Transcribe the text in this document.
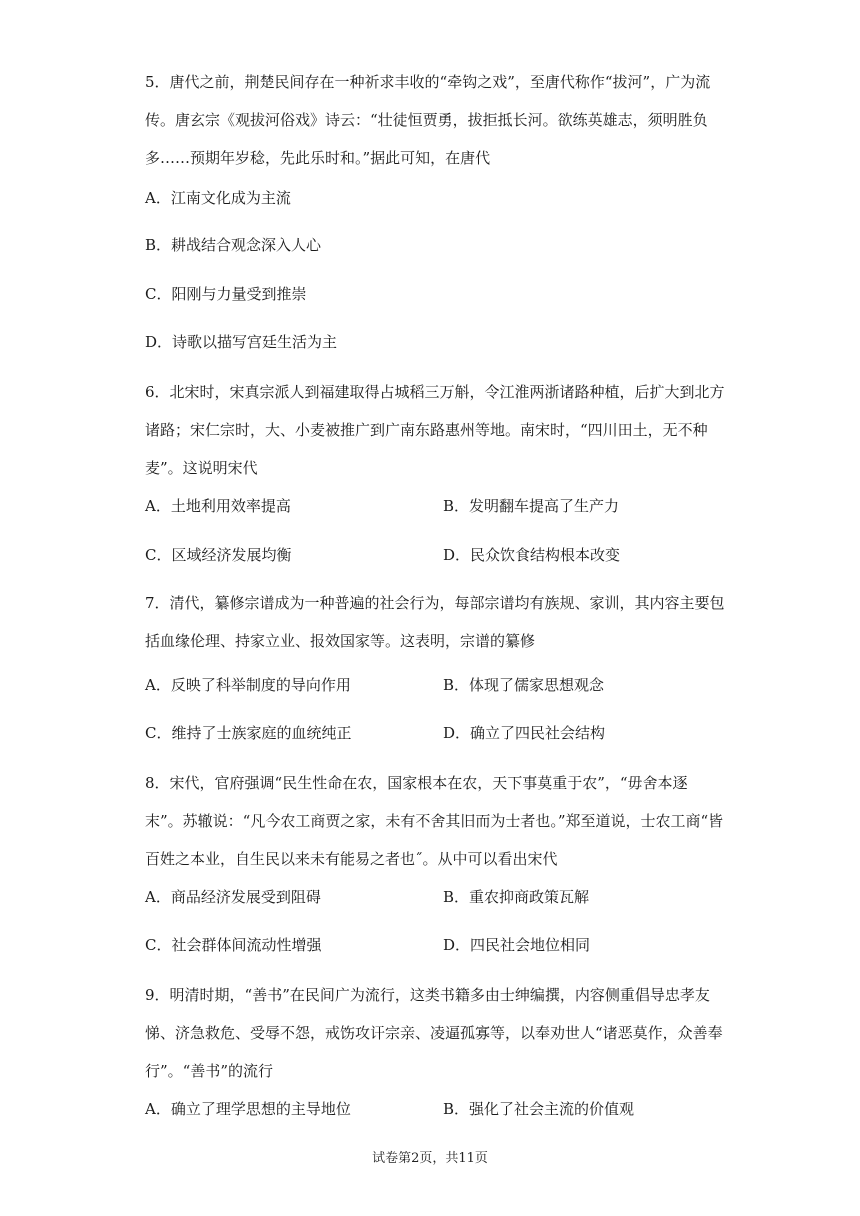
5．唐代之前，荆楚民间存在一种祈求丰收的“牵钩之戏”，至唐代称作“拔河”，广为流传。唐玄宗《观拔河俗戏》诗云：“壮徒恒贾勇，拔拒抵长河。欲练英雄志，须明胜负多……预期年岁稔，先此乐时和。”据此可知，在唐代

A．江南文化成为主流
B．耕战结合观念深入人心
C．阳刚与力量受到推崇
D．诗歌以描写宫廷生活为主

6．北宋时，宋真宗派人到福建取得占城稻三万斛，令江淮两浙诸路种植，后扩大到北方诸路；宋仁宗时，大、小麦被推广到广南东路惠州等地。南宋时，“四川田土，无不种麦”。这说明宋代

A．土地利用效率提高	B．发明翻车提高了生产力
C．区域经济发展均衡	D．民众饮食结构根本改变

7．清代，纂修宗谱成为一种普遍的社会行为，每部宗谱均有族规、家训，其内容主要包括血缘伦理、持家立业、报效国家等。这表明，宗谱的纂修

A．反映了科举制度的导向作用	B．体现了儒家思想观念
C．维持了士族家庭的血统纯正	D．确立了四民社会结构

8．宋代，官府强调“民生性命在农，国家根本在农，天下事莫重于农”，“毋舍本逐末”。苏辙说：“凡今农工商贾之家，未有不舍其旧而为士者也。”郑至道说，士农工商“皆百姓之本业，自生民以来未有能易之者也˝。从中可以看出宋代

A．商品经济发展受到阻碍	B．重农抑商政策瓦解
C．社会群体间流动性增强	D．四民社会地位相同

9．明清时期，“善书”在民间广为流行，这类书籍多由士绅编撰，内容侧重倡导忠孝友悌、济急救危、受辱不怨，戒饬攻讦宗亲、凌逼孤寡等，以奉劝世人“诸恶莫作，众善奉行”。“善书”的流行

A．确立了理学思想的主导地位	B．强化了社会主流的价值观
试卷第2页，共11页
